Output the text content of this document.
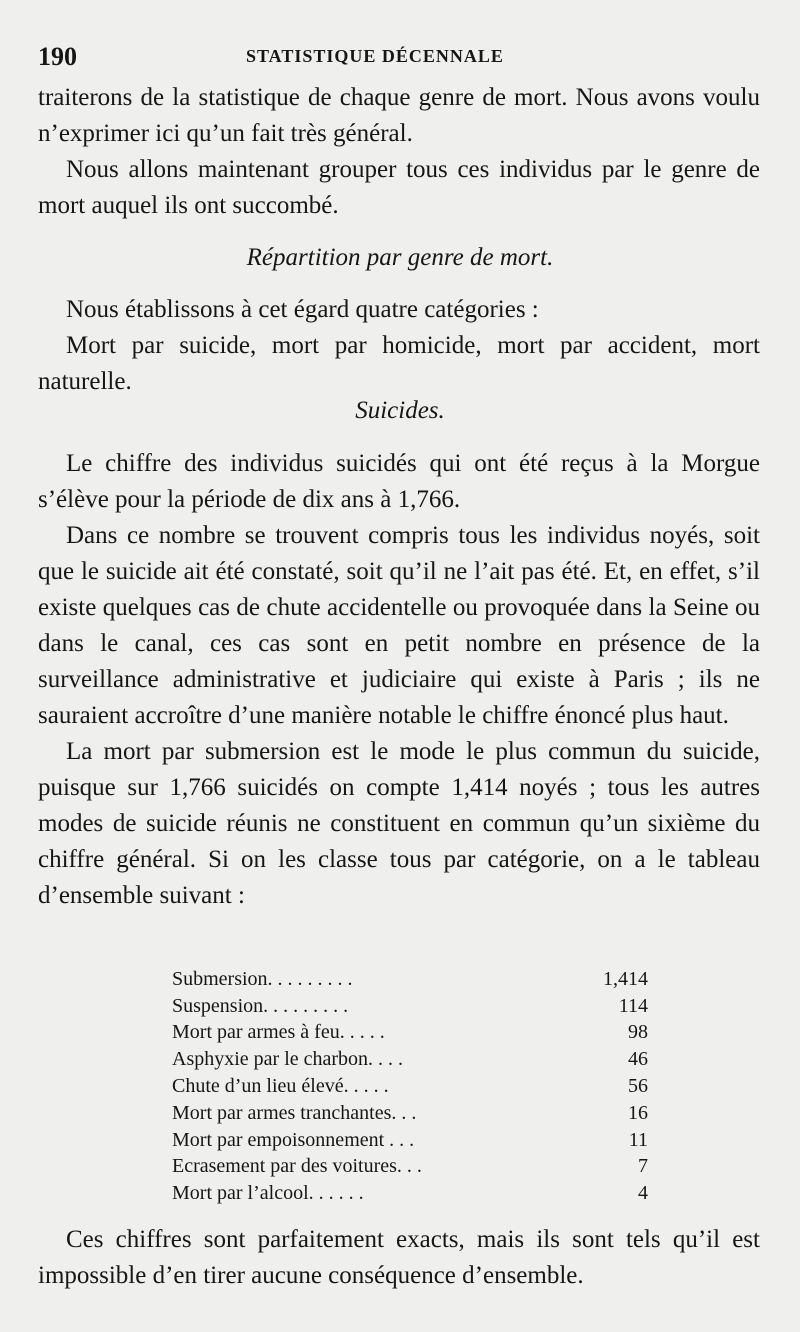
190	STATISTIQUE DÉCENNALE

traiterons de la statistique de chaque genre de mort. Nous avons voulu n’exprimer ici qu’un fait très général.

Nous allons maintenant grouper tous ces individus par le genre de mort auquel ils ont succombé.

Répartition par genre de mort.

Nous établissons à cet égard quatre catégories :

Mort par suicide, mort par homicide, mort par accident, mort naturelle.

Suicides.

Le chiffre des individus suicidés qui ont été reçus à la Morgue s’élève pour la période de dix ans à 1,766.

Dans ce nombre se trouvent compris tous les individus noyés, soit que le suicide ait été constaté, soit qu’il ne l’ait pas été. Et, en effet, s’il existe quelques cas de chute accidentelle ou provoquée dans la Seine ou dans le canal, ces cas sont en petit nombre en présence de la surveillance administrative et judiciaire qui existe à Paris ; ils ne sauraient accroître d’une manière notable le chiffre énoncé plus haut.

La mort par submersion est le mode le plus commun du suicide, puisque sur 1,766 suicidés on compte 1,414 noyés ; tous les autres modes de suicide réunis ne constituent en commun qu’un sixième du chiffre général. Si on les classe tous par catégorie, on a le tableau d’ensemble suivant :

Submersion. . . . . . . . .	1,414
Suspension. . . . . . . . .	114
Mort par armes à feu. . . . .	98
Asphyxie par le charbon. . . .	46
Chute d’un lieu élevé. . . . .	56
Mort par armes tranchantes. . .	16
Mort par empoisonnement . . .	11
Ecrasement par des voitures. . .	7
Mort par l’alcool. . . . . .	4

Ces chiffres sont parfaitement exacts, mais ils sont tels qu’il est impossible d’en tirer aucune conséquence d’ensemble.
